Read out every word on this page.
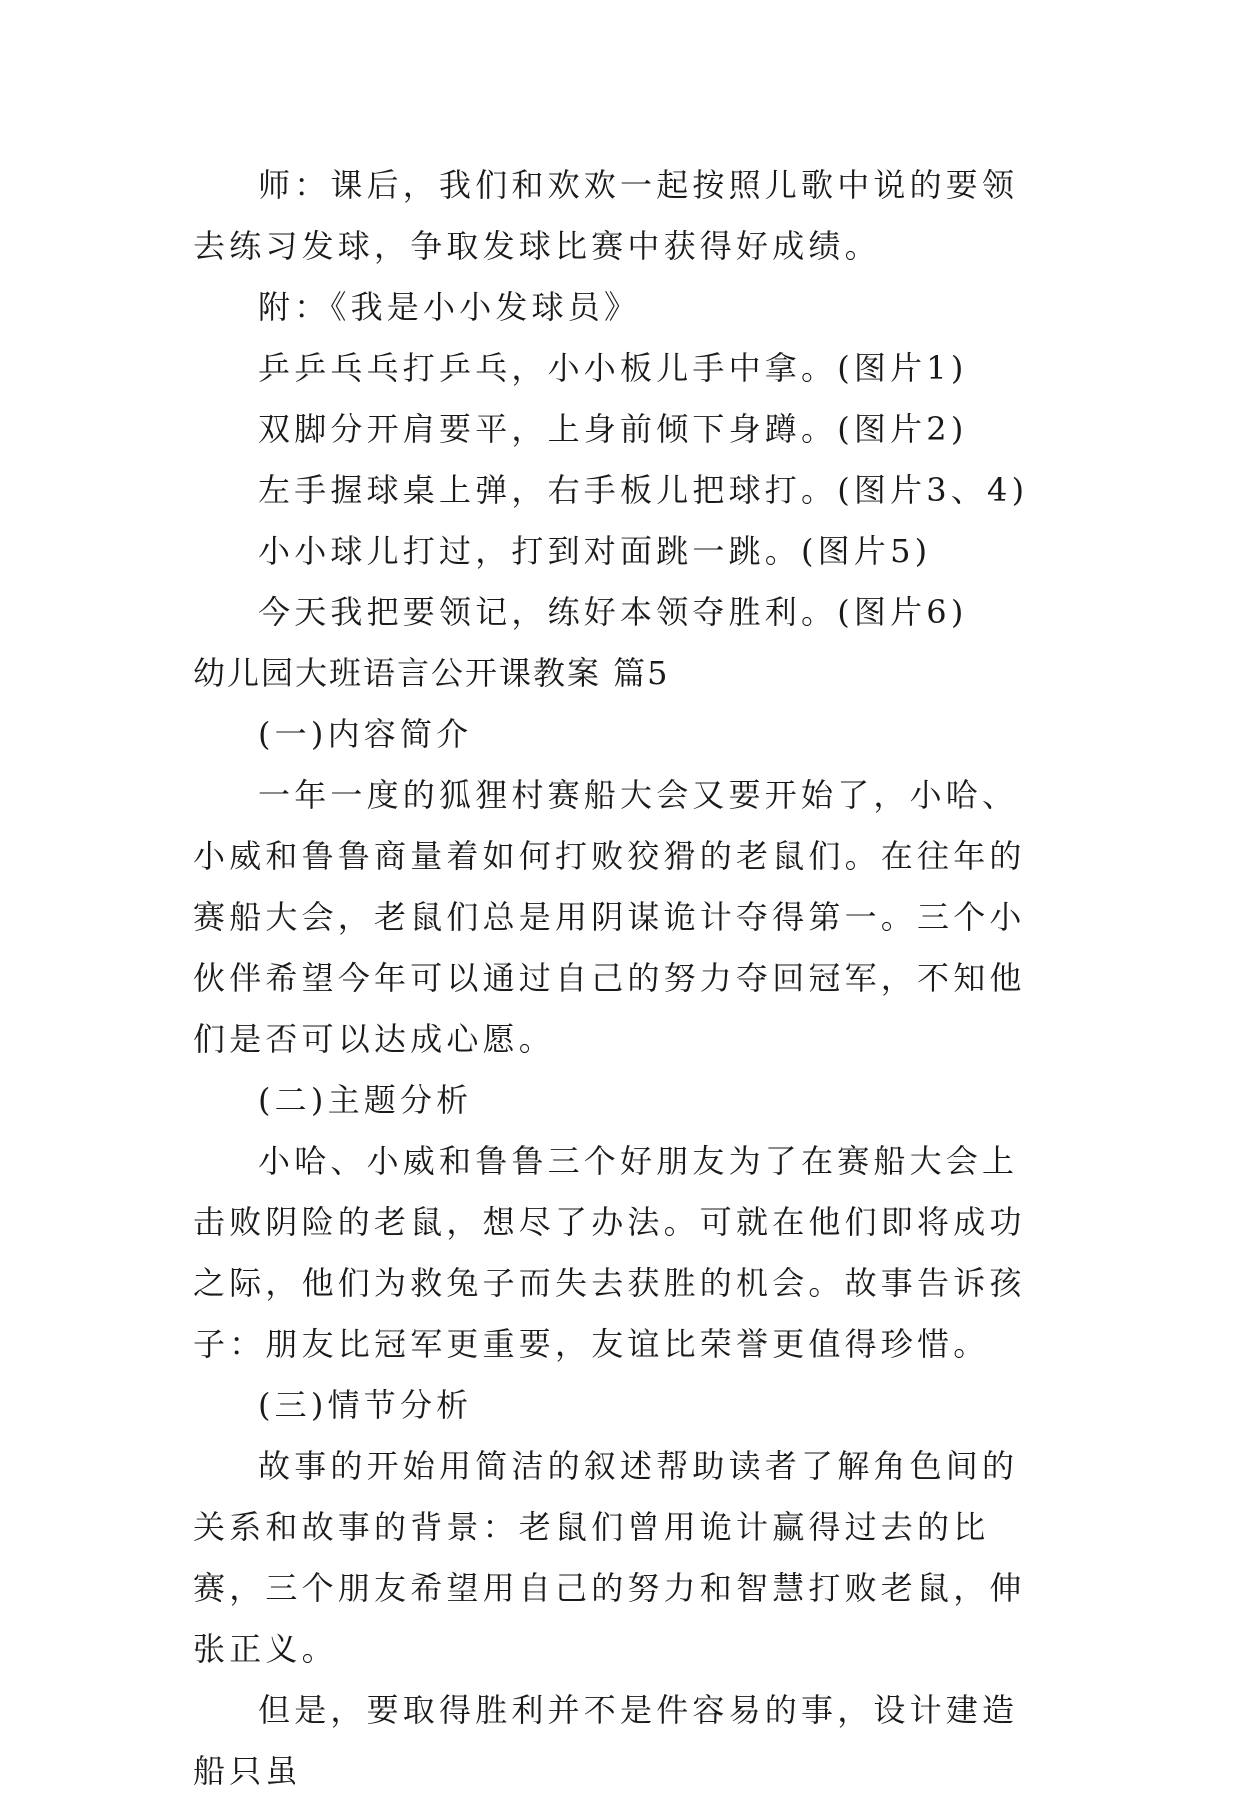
师：课后，我们和欢欢一起按照儿歌中说的要领去练习发球，争取发球比赛中获得好成绩。

附：《我是小小发球员》

乒乒乓乓打乒乓，小小板儿手中拿。(图片1)

双脚分开肩要平，上身前倾下身蹲。(图片2)

左手握球桌上弹，右手板儿把球打。(图片3、4)

小小球儿打过，打到对面跳一跳。(图片5)

今天我把要领记，练好本领夺胜利。(图片6)

幼儿园大班语言公开课教案 篇5

(一)内容简介

一年一度的狐狸村赛船大会又要开始了，小哈、小威和鲁鲁商量着如何打败狡猾的老鼠们。在往年的赛船大会，老鼠们总是用阴谋诡计夺得第一。三个小伙伴希望今年可以通过自己的努力夺回冠军，不知他们是否可以达成心愿。

(二)主题分析

小哈、小威和鲁鲁三个好朋友为了在赛船大会上击败阴险的老鼠，想尽了办法。可就在他们即将成功之际，他们为救兔子而失去获胜的机会。故事告诉孩子：朋友比冠军更重要，友谊比荣誉更值得珍惜。

(三)情节分析

故事的开始用简洁的叙述帮助读者了解角色间的关系和故事的背景：老鼠们曾用诡计赢得过去的比赛，三个朋友希望用自己的努力和智慧打败老鼠，伸张正义。

但是，要取得胜利并不是件容易的事，设计建造船只虽
